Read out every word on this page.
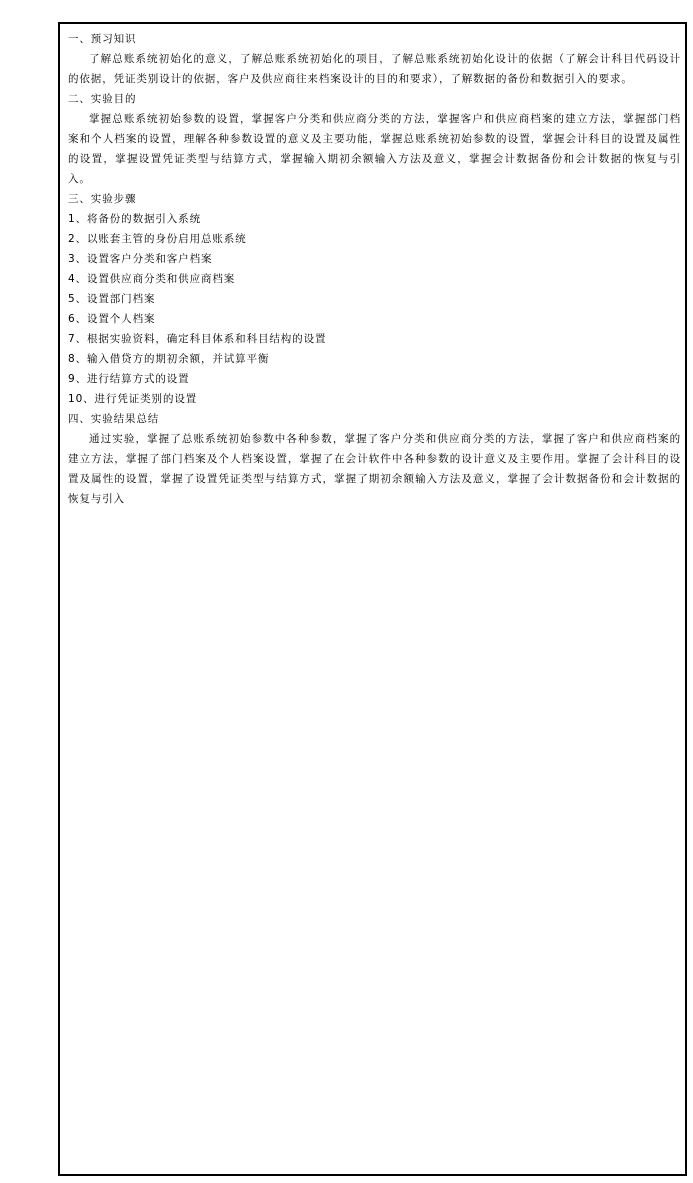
一、预习知识
了解总账系统初始化的意义，了解总账系统初始化的项目，了解总账系统初始化设计的依据（了解会计科目代码设计的依据，凭证类别设计的依据，客户及供应商往来档案设计的目的和要求），了解数据的备份和数据引入的要求。
二、实验目的
掌握总账系统初始参数的设置，掌握客户分类和供应商分类的方法，掌握客户和供应商档案的建立方法，掌握部门档案和个人档案的设置，理解各种参数设置的意义及主要功能，掌握总账系统初始参数的设置，掌握会计科目的设置及属性的设置，掌握设置凭证类型与结算方式，掌握输入期初余额输入方法及意义，掌握会计数据备份和会计数据的恢复与引入。
三、实验步骤
1、将备份的数据引入系统
2、以账套主管的身份启用总账系统
3、设置客户分类和客户档案
4、设置供应商分类和供应商档案
5、设置部门档案
6、设置个人档案
7、根据实验资料，确定科目体系和科目结构的设置
8、输入借贷方的期初余额，并试算平衡
9、进行结算方式的设置
10、进行凭证类别的设置
四、实验结果总结
通过实验，掌握了总账系统初始参数中各种参数，掌握了客户分类和供应商分类的方法，掌握了客户和供应商档案的建立方法，掌握了部门档案及个人档案设置，掌握了在会计软件中各种参数的设计意义及主要作用。掌握了会计科目的设置及属性的设置，掌握了设置凭证类型与结算方式，掌握了期初余额输入方法及意义，掌握了会计数据备份和会计数据的恢复与引入
